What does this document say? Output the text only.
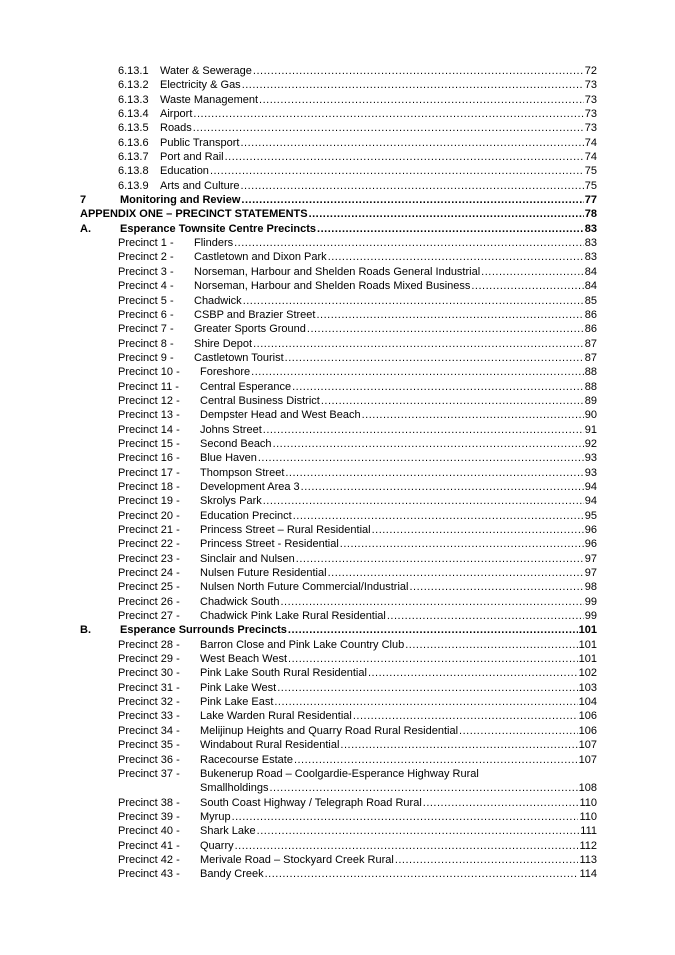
6.13.1	Water & Sewerage .....	72
6.13.2	Electricity & Gas .....	73
6.13.3	Waste Management .....	73
6.13.4	Airport .....	73
6.13.5	Roads .....	73
6.13.6	Public Transport .....	74
6.13.7	Port and Rail .....	74
6.13.8	Education .....	75
6.13.9	Arts and Culture .....	75
7	Monitoring and Review .....	77
APPENDIX ONE – PRECINCT STATEMENTS .....	78
A.	Esperance Townsite Centre Precincts .....	83
Precinct 1 -	Flinders .....	83
Precinct 2 -	Castletown and Dixon Park .....	83
Precinct 3 -	Norseman, Harbour and Shelden Roads General Industrial .....	84
Precinct 4 -	Norseman, Harbour and Shelden Roads Mixed Business .....	84
Precinct 5 -	Chadwick .....	85
Precinct 6 -	CSBP and Brazier Street .....	86
Precinct 7 -	Greater Sports Ground .....	86
Precinct 8 -	Shire Depot .....	87
Precinct 9 -	Castletown Tourist .....	87
Precinct 10 -	Foreshore .....	88
Precinct 11 -	Central Esperance .....	88
Precinct 12 -	Central Business District .....	89
Precinct 13 -	Dempster Head and West Beach .....	90
Precinct 14 -	Johns Street .....	91
Precinct 15 -	Second Beach .....	92
Precinct 16 -	Blue Haven .....	93
Precinct 17 -	Thompson Street .....	93
Precinct 18 -	Development Area 3 .....	94
Precinct 19 -	Skrolys Park .....	94
Precinct 20 -	Education Precinct .....	95
Precinct 21 -	Princess Street – Rural Residential .....	96
Precinct 22 -	Princess Street - Residential .....	96
Precinct 23 -	Sinclair and Nulsen .....	97
Precinct 24 -	Nulsen Future Residential .....	97
Precinct 25 -	Nulsen North Future Commercial/Industrial .....	98
Precinct 26 -	Chadwick South .....	99
Precinct 27 -	Chadwick Pink Lake Rural Residential .....	99
B.	Esperance Surrounds Precincts .....	101
Precinct 28 -	Barron Close and Pink Lake Country Club .....	101
Precinct 29 -	West Beach West .....	101
Precinct 30 -	Pink Lake South Rural Residential .....	102
Precinct 31 -	Pink Lake West .....	103
Precinct 32 -	Pink Lake East .....	104
Precinct 33 -	Lake Warden Rural Residential .....	106
Precinct 34 -	Melijinup Heights and Quarry Road Rural Residential .....	106
Precinct 35 -	Windabout Rural Residential .....	107
Precinct 36 -	Racecourse Estate .....	107
Precinct 37 -	Bukenerup Road – Coolgardie-Esperance Highway Rural
Smallholdings .....	108
Precinct 38 -	South Coast Highway / Telegraph Road Rural .....	110
Precinct 39 -	Myrup .....	110
Precinct 40 -	Shark Lake .....	111
Precinct 41 -	Quarry .....	112
Precinct 42 -	Merivale Road – Stockyard Creek Rural .....	113
Precinct 43 -	Bandy Creek .....	114
